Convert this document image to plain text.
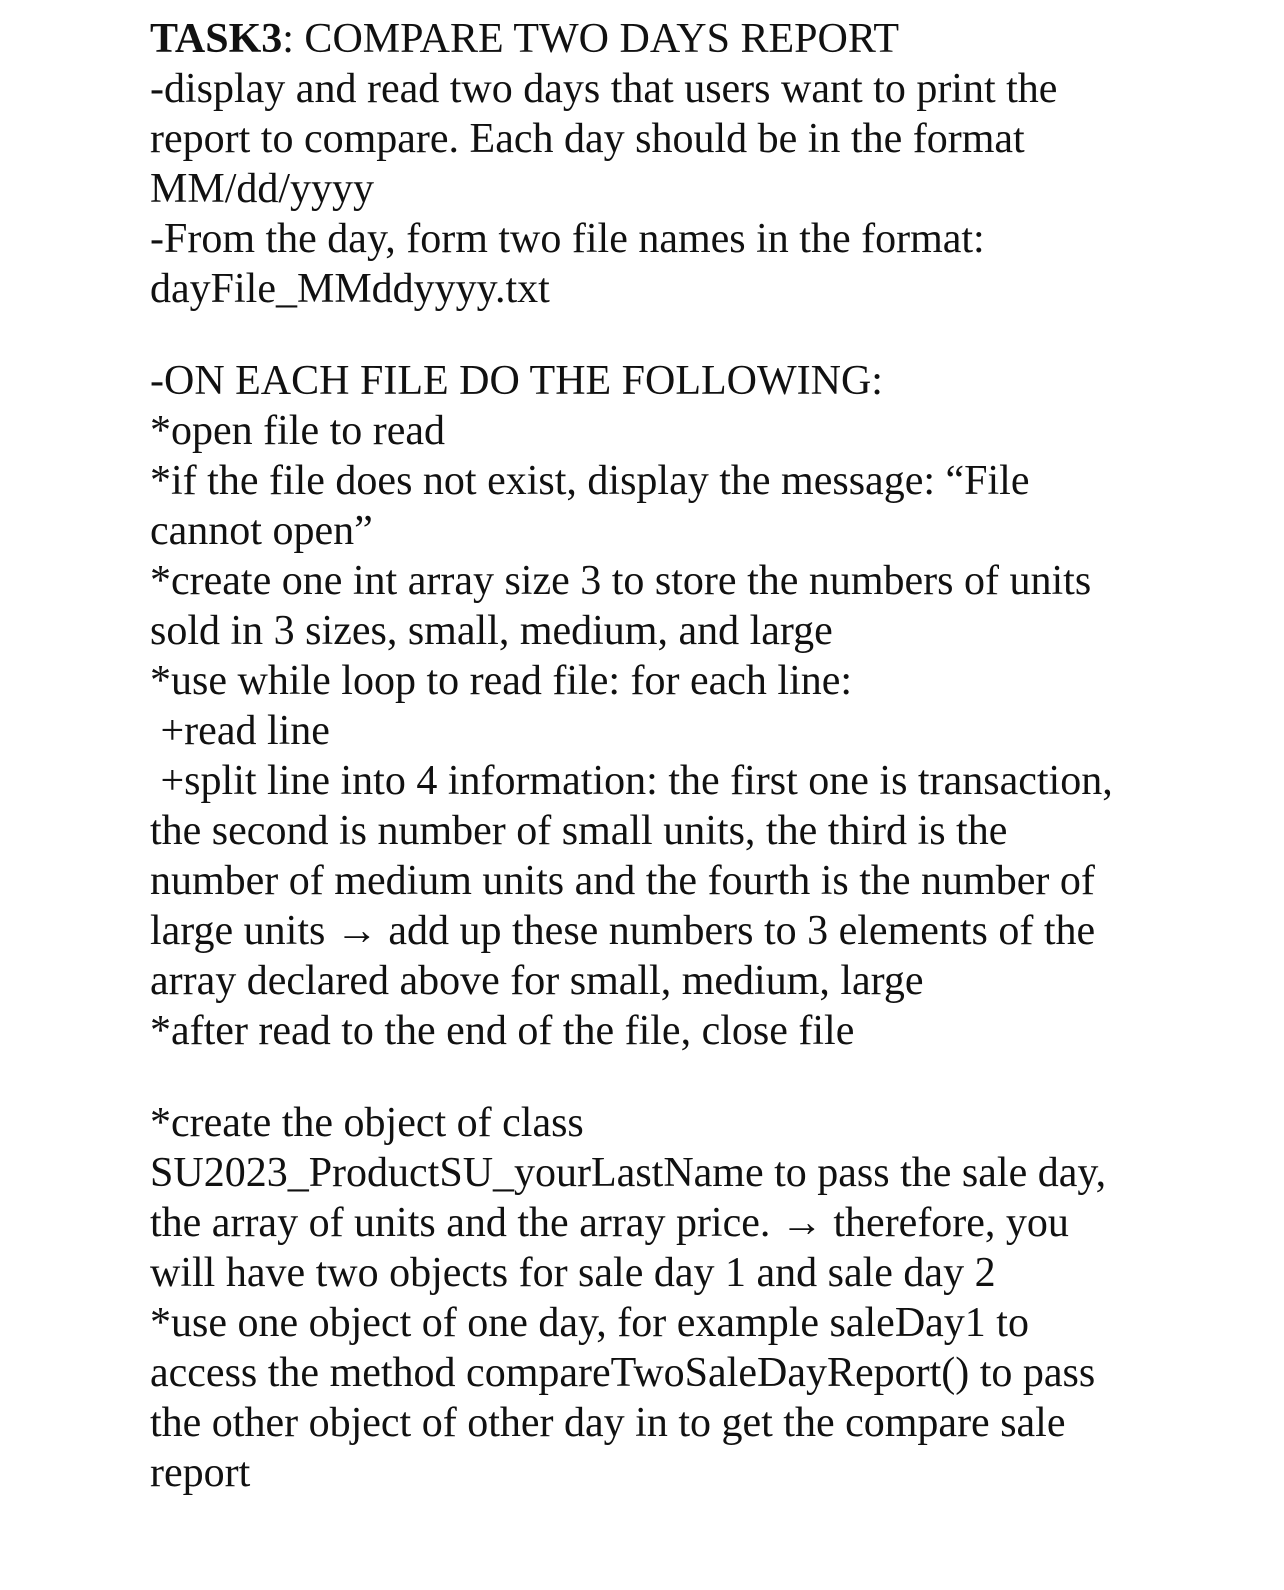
TASK3: COMPARE TWO DAYS REPORT
-display and read two days that users want to print the
report to compare. Each day should be in the format
MM/dd/yyyy
-From the day, form two file names in the format:
dayFile_MMddyyyy.txt
-ON EACH FILE DO THE FOLLOWING:
*open file to read
*if the file does not exist, display the message: “File
cannot open”
*create one int array size 3 to store the numbers of units
sold in 3 sizes, small, medium, and large
*use while loop to read file: for each line:
+read line
+split line into 4 information: the first one is transaction,
the second is number of small units, the third is the
number of medium units and the fourth is the number of
large units → add up these numbers to 3 elements of the
array declared above for small, medium, large
*after read to the end of the file, close file
*create the object of class
SU2023_ProductSU_yourLastName to pass the sale day,
the array of units and the array price. → therefore, you
will have two objects for sale day 1 and sale day 2
*use one object of one day, for example saleDay1 to
access the method compareTwoSaleDayReport() to pass
the other object of other day in to get the compare sale
report
